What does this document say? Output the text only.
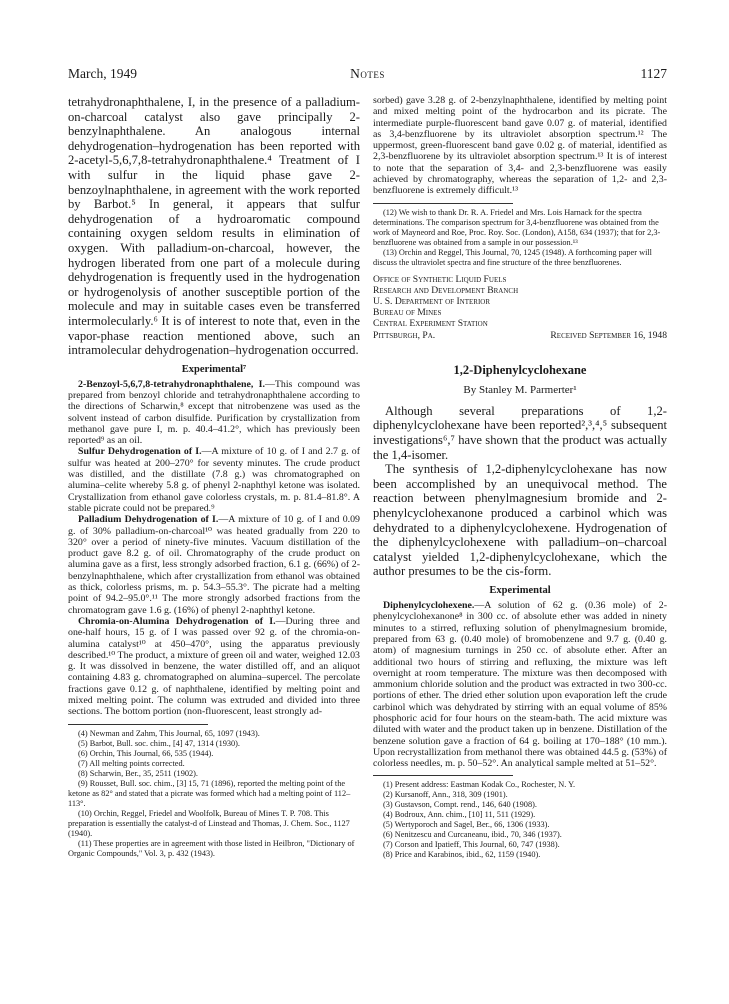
March, 1949	Notes	1127

tetrahydronaphthalene, I, in the presence of a palladium-on-charcoal catalyst also gave principally 2-benzylnaphthalene. An analogous internal dehydrogenation–hydrogenation has been reported with 2-acetyl-5,6,7,8-tetrahydronaphthalene.⁴ Treatment of I with sulfur in the liquid phase gave 2-benzoylnaphthalene, in agreement with the work reported by Barbot.⁵ In general, it appears that sulfur dehydrogenation of a hydroaromatic compound containing oxygen seldom results in elimination of oxygen. With palladium-on-charcoal, however, the hydrogen liberated from one part of a molecule during dehydrogenation is frequently used in the hydrogenation or hydrogenolysis of another susceptible portion of the molecule and may in suitable cases even be transferred intermolecularly.⁶ It is of interest to note that, even in the vapor-phase reaction mentioned above, such an intramolecular dehydrogenation–hydrogenation occurred.

Experimental⁷

2-Benzoyl-5,6,7,8-tetrahydronaphthalene, I.—This compound was prepared from benzoyl chloride and tetrahydronaphthalene according to the directions of Scharwin,⁸ except that nitrobenzene was used as the solvent instead of carbon disulfide. Purification by crystallization from methanol gave pure I, m. p. 40.4–41.2°, which has previously been reported⁹ as an oil.

Sulfur Dehydrogenation of I.—A mixture of 10 g. of I and 2.7 g. of sulfur was heated at 200–270° for seventy minutes. The crude product was distilled, and the distillate (7.8 g.) was chromatographed on alumina–celite whereby 5.8 g. of phenyl 2-naphthyl ketone was isolated. Crystallization from ethanol gave colorless crystals, m. p. 81.4–81.8°. A stable picrate could not be prepared.⁹

Palladium Dehydrogenation of I.—A mixture of 10 g. of I and 0.09 g. of 30% palladium-on-charcoal¹⁰ was heated gradually from 220 to 320° over a period of ninety-five minutes. Vacuum distillation of the product gave 8.2 g. of oil. Chromatography of the crude product on alumina gave as a first, less strongly adsorbed fraction, 6.1 g. (66%) of 2-benzylnaphthalene, which after crystallization from ethanol was obtained as thick, colorless prisms, m. p. 54.3–55.3°. The picrate had a melting point of 94.2–95.0°.¹¹ The more strongly adsorbed fractions from the chromatogram gave 1.6 g. (16%) of phenyl 2-naphthyl ketone.

Chromia-on-Alumina Dehydrogenation of I.—During three and one-half hours, 15 g. of I was passed over 92 g. of the chromia-on-alumina catalyst¹⁰ at 450–470°, using the apparatus previously described.¹⁰ The product, a mixture of green oil and water, weighed 12.03 g. It was dissolved in benzene, the water distilled off, and an aliquot containing 4.83 g. chromatographed on alumina–supercel. The percolate fractions gave 0.12 g. of naphthalene, identified by melting point and mixed melting point. The column was extruded and divided into three sections. The bottom portion (non-fluorescent, least strongly ad-

(4) Newman and Zahm, This Journal, 65, 1097 (1943).
(5) Barbot, Bull. soc. chim., [4] 47, 1314 (1930).
(6) Orchin, This Journal, 66, 535 (1944).
(7) All melting points corrected.
(8) Scharwin, Ber., 35, 2511 (1902).
(9) Rousset, Bull. soc. chim., [3] 15, 71 (1896), reported the melting point of the ketone as 82° and stated that a picrate was formed which had a melting point of 112–113°.
(10) Orchin, Reggel, Friedel and Woolfolk, Bureau of Mines T. P. 708. This preparation is essentially the catalyst-d of Linstead and Thomas, J. Chem. Soc., 1127 (1940).
(11) These properties are in agreement with those listed in Heilbron, "Dictionary of Organic Compounds," Vol. 3, p. 432 (1943).

sorbed) gave 3.28 g. of 2-benzylnaphthalene, identified by melting point and mixed melting point of the hydrocarbon and its picrate. The intermediate purple-fluorescent band gave 0.07 g. of material, identified as 3,4-benzfluorene by its ultraviolet absorption spectrum.¹² The uppermost, green-fluorescent band gave 0.02 g. of material, identified as 2,3-benzfluorene by its ultraviolet absorption spectrum.¹³ It is of interest to note that the separation of 3,4- and 2,3-benzfluorene was easily achieved by chromatography, whereas the separation of 1,2- and 2,3-benzfluorene is extremely difficult.¹³

(12) We wish to thank Dr. R. A. Friedel and Mrs. Lois Harnack for the spectra determinations. The comparison spectrum for 3,4-benzfluorene was obtained from the work of Mayneord and Roe, Proc. Roy. Soc. (London), A158, 634 (1937); that for 2,3-benzfluorene was obtained from a sample in our possession.¹³
(13) Orchin and Reggel, This Journal, 70, 1245 (1948). A forthcoming paper will discuss the ultraviolet spectra and fine structure of the three benzfluorenes.
Office of Synthetic Liquid Fuels
Research and Development Branch
U. S. Department of Interior
Bureau of Mines
Central Experiment Station
Pittsburgh, Pa.	Received September 16, 1948
1,2-Diphenylcyclohexane
By Stanley M. Parmerter¹

Although several preparations of 1,2-diphenylcyclohexane have been reported²,³,⁴,⁵ subsequent investigations⁶,⁷ have shown that the product was actually the 1,4-isomer.

The synthesis of 1,2-diphenylcyclohexane has now been accomplished by an unequivocal method. The reaction between phenylmagnesium bromide and 2-phenylcyclohexanone produced a carbinol which was dehydrated to a diphenylcyclohexene. Hydrogenation of the diphenylcyclohexene with palladium–on–charcoal catalyst yielded 1,2-diphenylcyclohexane, which the author presumes to be the cis-form.

Experimental

Diphenylcyclohexene.—A solution of 62 g. (0.36 mole) of 2-phenylcyclohexanone⁸ in 300 cc. of absolute ether was added in ninety minutes to a stirred, refluxing solution of phenylmagnesium bromide, prepared from 63 g. (0.40 mole) of bromobenzene and 9.7 g. (0.40 g. atom) of magnesium turnings in 250 cc. of absolute ether. After an additional two hours of stirring and refluxing, the mixture was left overnight at room temperature. The mixture was then decomposed with ammonium chloride solution and the product was extracted in two 300-cc. portions of ether. The dried ether solution upon evaporation left the crude carbinol which was dehydrated by stirring with an equal volume of 85% phosphoric acid for four hours on the steam-bath. The acid mixture was diluted with water and the product taken up in benzene. Distillation of the benzene solution gave a fraction of 64 g. boiling at 170–188° (10 mm.). Upon recrystallization from methanol there was obtained 44.5 g. (53%) of colorless needles, m. p. 50–52°. An analytical sample melted at 51–52°.

(1) Present address: Eastman Kodak Co., Rochester, N. Y.
(2) Kursanoff, Ann., 318, 309 (1901).
(3) Gustavson, Compt. rend., 146, 640 (1908).
(4) Bodroux, Ann. chim., [10] 11, 511 (1929).
(5) Wertyporoch and Sagel, Ber., 66, 1306 (1933).
(6) Nenitzescu and Curcaneanu, ibid., 70, 346 (1937).
(7) Corson and Ipatieff, This Journal, 60, 747 (1938).
(8) Price and Karabinos, ibid., 62, 1159 (1940).
